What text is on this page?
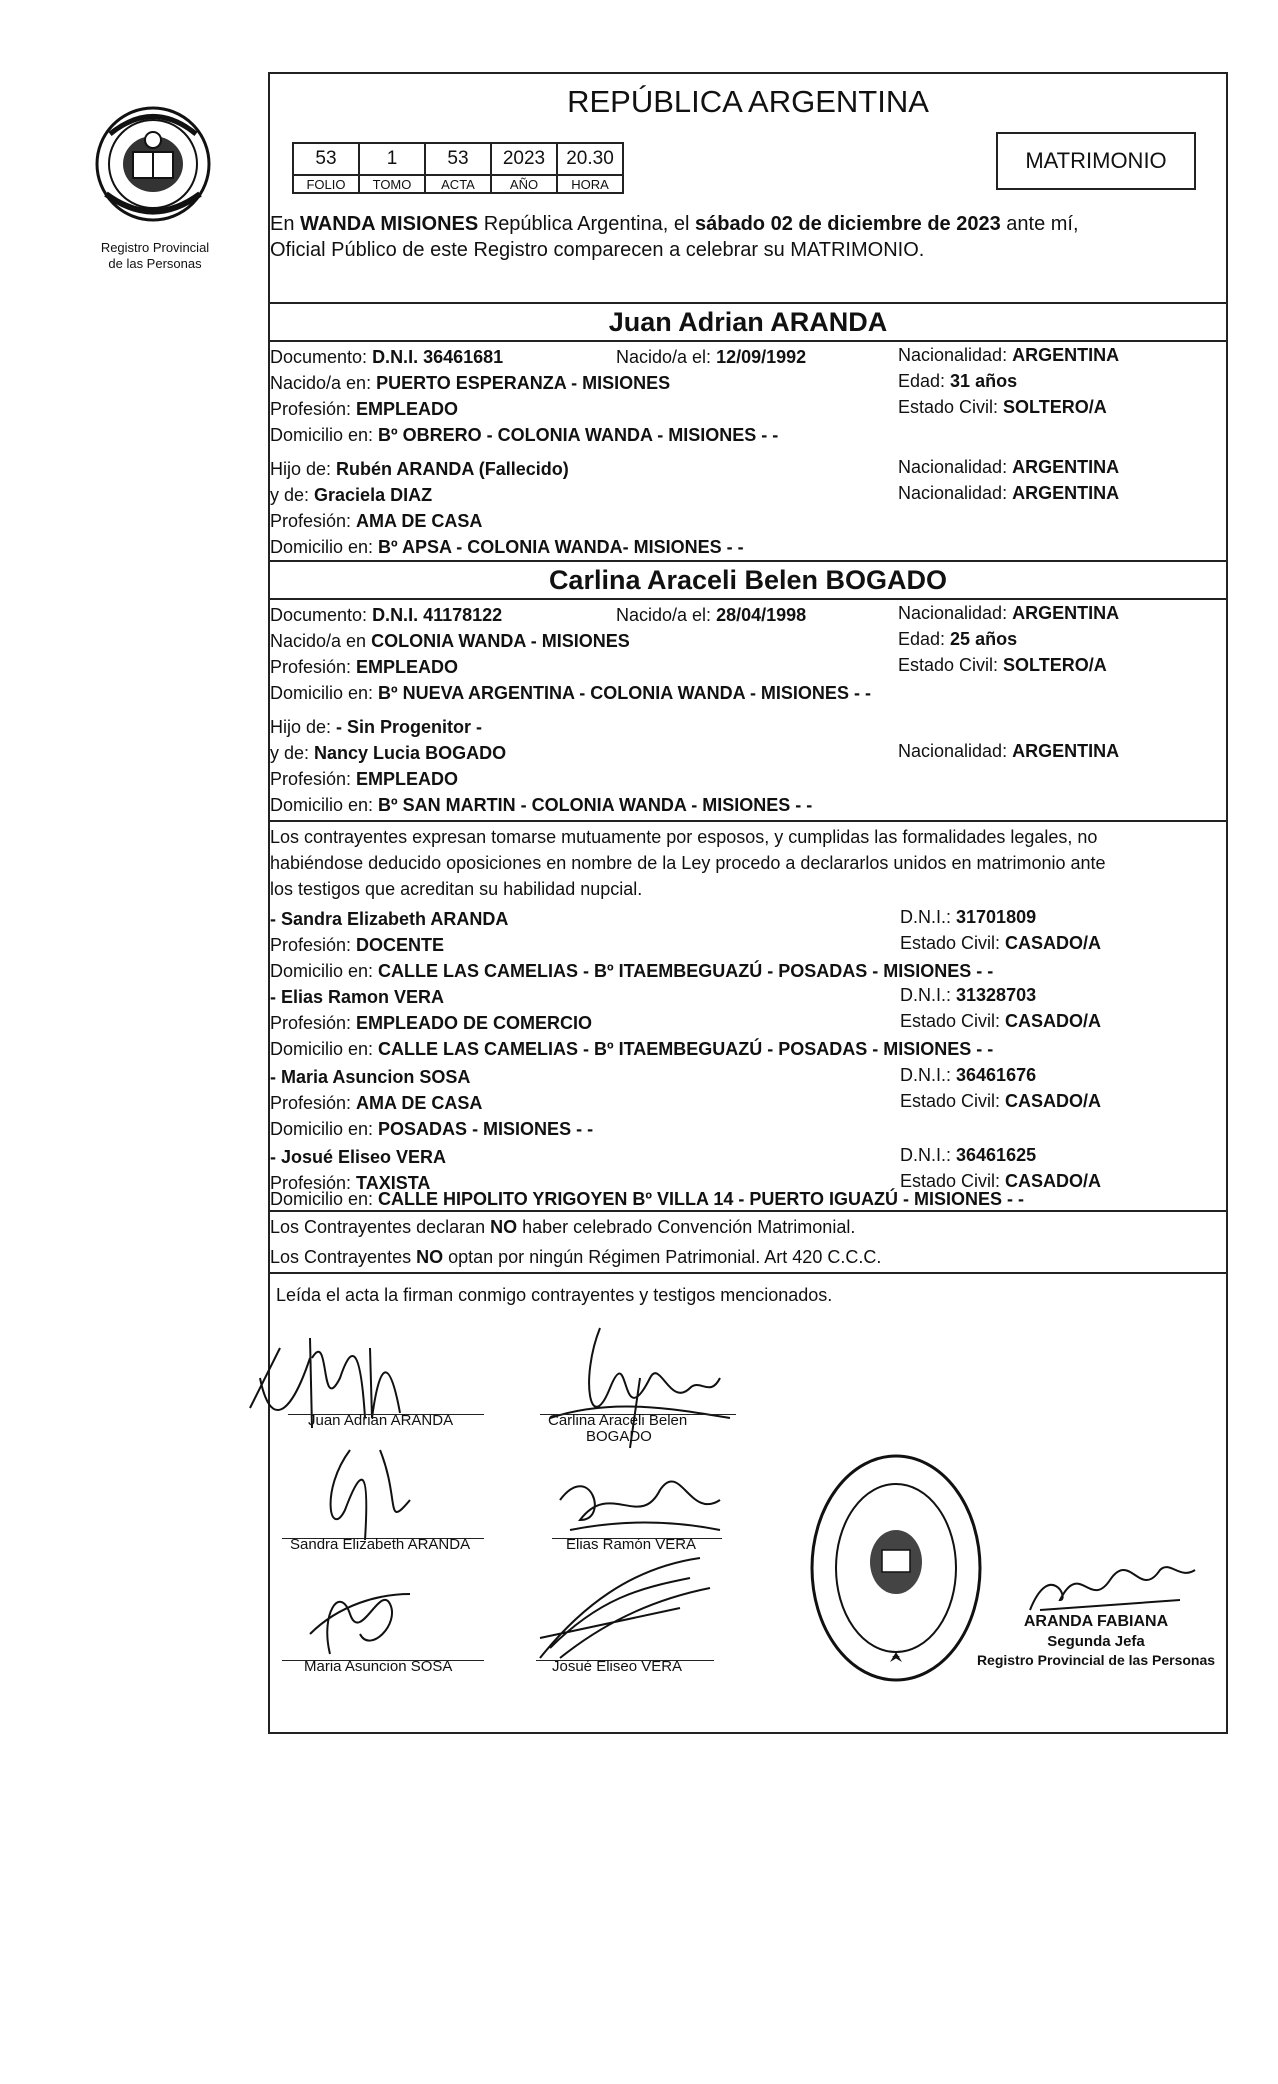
Registro Provincial
de las Personas
REPÚBLICA ARGENTINA
53	1	53	2023	20.30
FOLIO	TOMO	ACTA	AÑO	HORA
MATRIMONIO
En WANDA MISIONES República Argentina, el sábado 02 de diciembre de 2023 ante mí,
Oficial Público de este Registro comparecen a celebrar su MATRIMONIO.
Juan Adrian ARANDA
Documento: D.N.I. 36461681	Nacido/a el: 12/09/1992	Nacionalidad: ARGENTINA
Nacido/a en: PUERTO ESPERANZA - MISIONES	Edad: 31 años
Profesión: EMPLEADO	Estado Civil: SOLTERO/A
Domicilio en: Bº OBRERO - COLONIA WANDA - MISIONES - -
Hijo de: Rubén ARANDA (Fallecido)	Nacionalidad: ARGENTINA
y de: Graciela DIAZ	Nacionalidad: ARGENTINA
Profesión: AMA DE CASA
Domicilio en: Bº APSA - COLONIA WANDA- MISIONES - -
Carlina Araceli Belen BOGADO
Documento: D.N.I. 41178122	Nacido/a el: 28/04/1998	Nacionalidad: ARGENTINA
Nacido/a en COLONIA WANDA - MISIONES	Edad: 25 años
Profesión: EMPLEADO	Estado Civil: SOLTERO/A
Domicilio en: Bº NUEVA ARGENTINA - COLONIA WANDA - MISIONES - -
Hijo de: - Sin Progenitor -
y de: Nancy Lucia BOGADO	Nacionalidad: ARGENTINA
Profesión: EMPLEADO
Domicilio en: Bº SAN MARTIN - COLONIA WANDA - MISIONES - -
Los contrayentes expresan tomarse mutuamente por esposos, y cumplidas las formalidades legales, no
habiéndose deducido oposiciones en nombre de la Ley procedo a declararlos unidos en matrimonio ante
los testigos que acreditan su habilidad nupcial.
- Sandra Elizabeth ARANDA	D.N.I.: 31701809
Profesión: DOCENTE	Estado Civil: CASADO/A
Domicilio en: CALLE LAS CAMELIAS - Bº ITAEMBEGUAZÚ - POSADAS - MISIONES - -
- Elias Ramon VERA	D.N.I.: 31328703
Profesión: EMPLEADO DE COMERCIO	Estado Civil: CASADO/A
Domicilio en: CALLE LAS CAMELIAS - Bº ITAEMBEGUAZÚ - POSADAS - MISIONES - -
- Maria Asuncion SOSA	D.N.I.: 36461676
Profesión: AMA DE CASA	Estado Civil: CASADO/A
Domicilio en: POSADAS - MISIONES - -
- Josué Eliseo VERA	D.N.I.: 36461625
Profesión: TAXISTA	Estado Civil: CASADO/A
Domicilio en: CALLE HIPOLITO YRIGOYEN Bº VILLA 14 - PUERTO IGUAZÚ - MISIONES - -
Los Contrayentes declaran NO haber celebrado Convención Matrimonial.
Los Contrayentes NO optan por ningún Régimen Patrimonial. Art 420 C.C.C.
Leída el acta la firman conmigo contrayentes y testigos mencionados.
Juan Adrian ARANDA	Carlina Araceli Belen
BOGADO
Sandra Elizabeth ARANDA	Elias Ramón VERA
Maria Asuncion SOSA	Josué Eliseo VERA
ARANDA FABIANA
Segunda Jefa
Registro Provincial de las Personas
